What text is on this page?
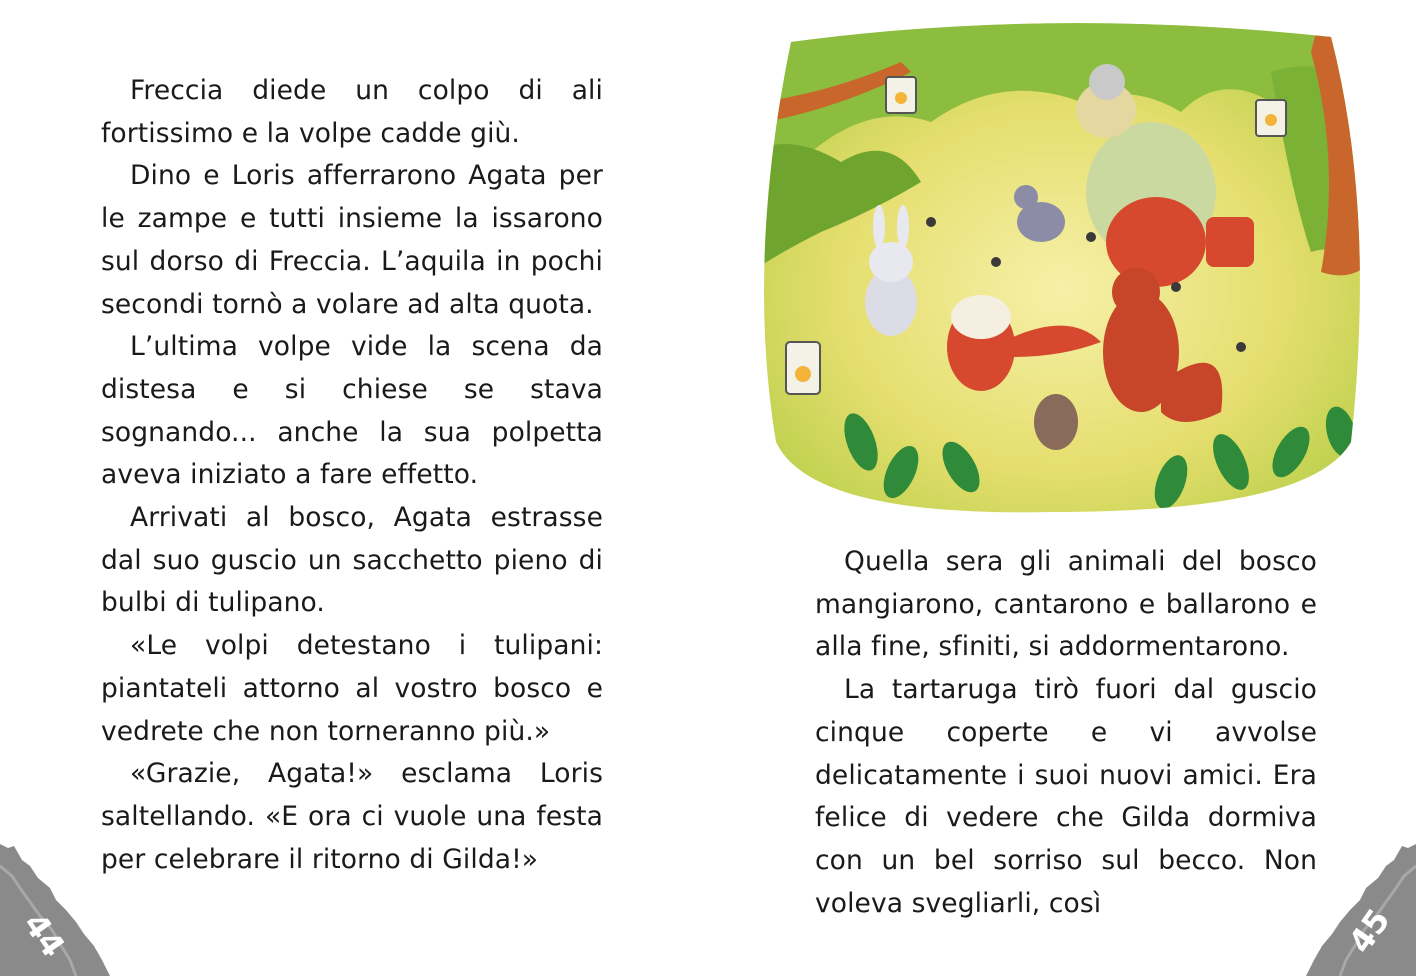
Freccia diede un colpo di ali fortissimo e la volpe cadde giù.

Dino e Loris afferrarono Agata per le zampe e tutti insieme la issarono sul dorso di Freccia. L’aquila in pochi secondi tornò a volare ad alta quota.

L’ultima volpe vide la scena da distesa e si chiese se stava sognando... anche la sua polpetta aveva iniziato a fare effetto.

Arrivati al bosco, Agata estrasse dal suo guscio un sacchetto pieno di bulbi di tulipano.

«Le volpi detestano i tulipani: piantateli attorno al vostro bosco e vedrete che non torneranno più.»

«Grazie, Agata!» esclama Loris saltellando. «E ora ci vuole una festa per celebrare il ritorno di Gilda!»

44

Quella sera gli animali del bosco mangiarono, cantarono e ballarono e alla fine, sfiniti, si addormentarono.

La tartaruga tirò fuori dal guscio cinque coperte e vi avvolse delicatamente i suoi nuovi amici. Era felice di vedere che Gilda dormiva con un bel sorriso sul becco. Non voleva svegliarli, così	45
